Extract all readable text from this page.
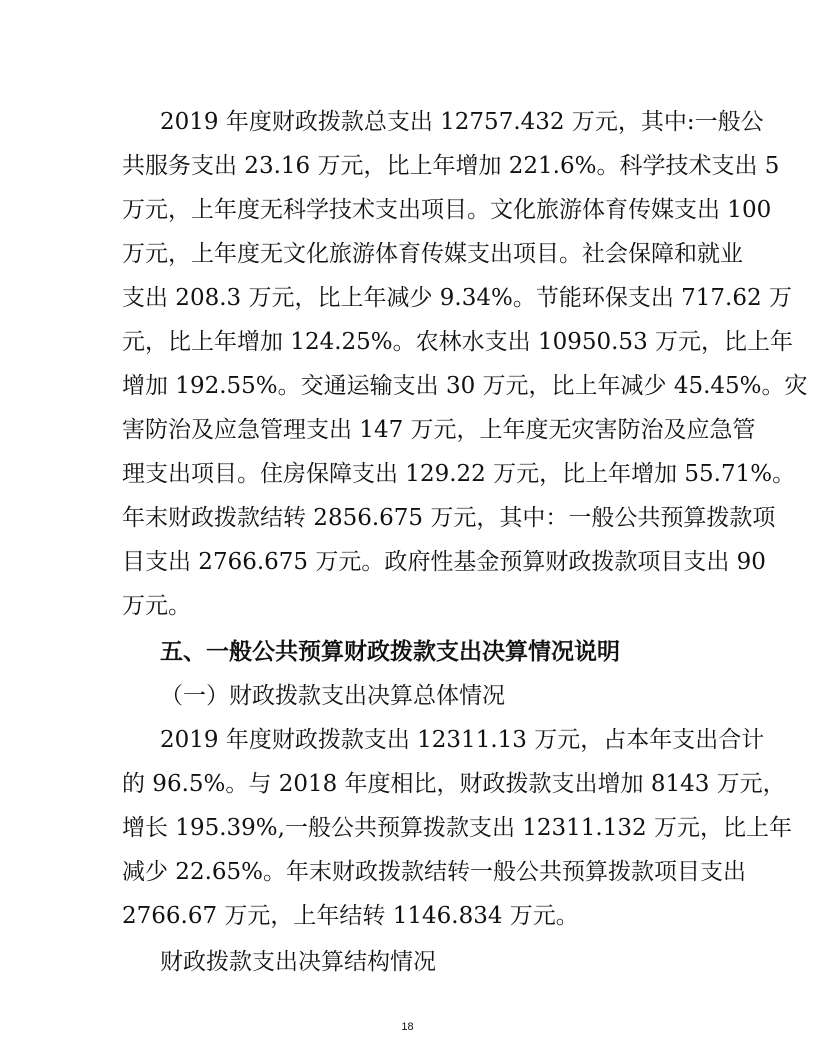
2019 年度财政拨款总支出 12757.432 万元，其中:一般公
共服务支出 23.16 万元，比上年增加 221.6%。科学技术支出 5
万元，上年度无科学技术支出项目。文化旅游体育传媒支出 100
万元，上年度无文化旅游体育传媒支出项目。社会保障和就业
支出 208.3 万元，比上年减少 9.34%。节能环保支出 717.62 万
元，比上年增加 124.25%。农林水支出 10950.53 万元，比上年
增加 192.55%。交通运输支出 30 万元，比上年减少 45.45%。灾
害防治及应急管理支出 147 万元，上年度无灾害防治及应急管
理支出项目。住房保障支出 129.22 万元，比上年增加 55.71%。
年末财政拨款结转 2856.675 万元，其中：一般公共预算拨款项
目支出 2766.675 万元。政府性基金预算财政拨款项目支出 90
万元。
五、一般公共预算财政拨款支出决算情况说明
（一）财政拨款支出决算总体情况
2019 年度财政拨款支出 12311.13 万元，占本年支出合计
的 96.5%。与 2018 年度相比，财政拨款支出增加 8143 万元，
增长 195.39%,一般公共预算拨款支出 12311.132 万元，比上年
减少 22.65%。年末财政拨款结转一般公共预算拨款项目支出
2766.67 万元，上年结转 1146.834 万元。
财政拨款支出决算结构情况
18
